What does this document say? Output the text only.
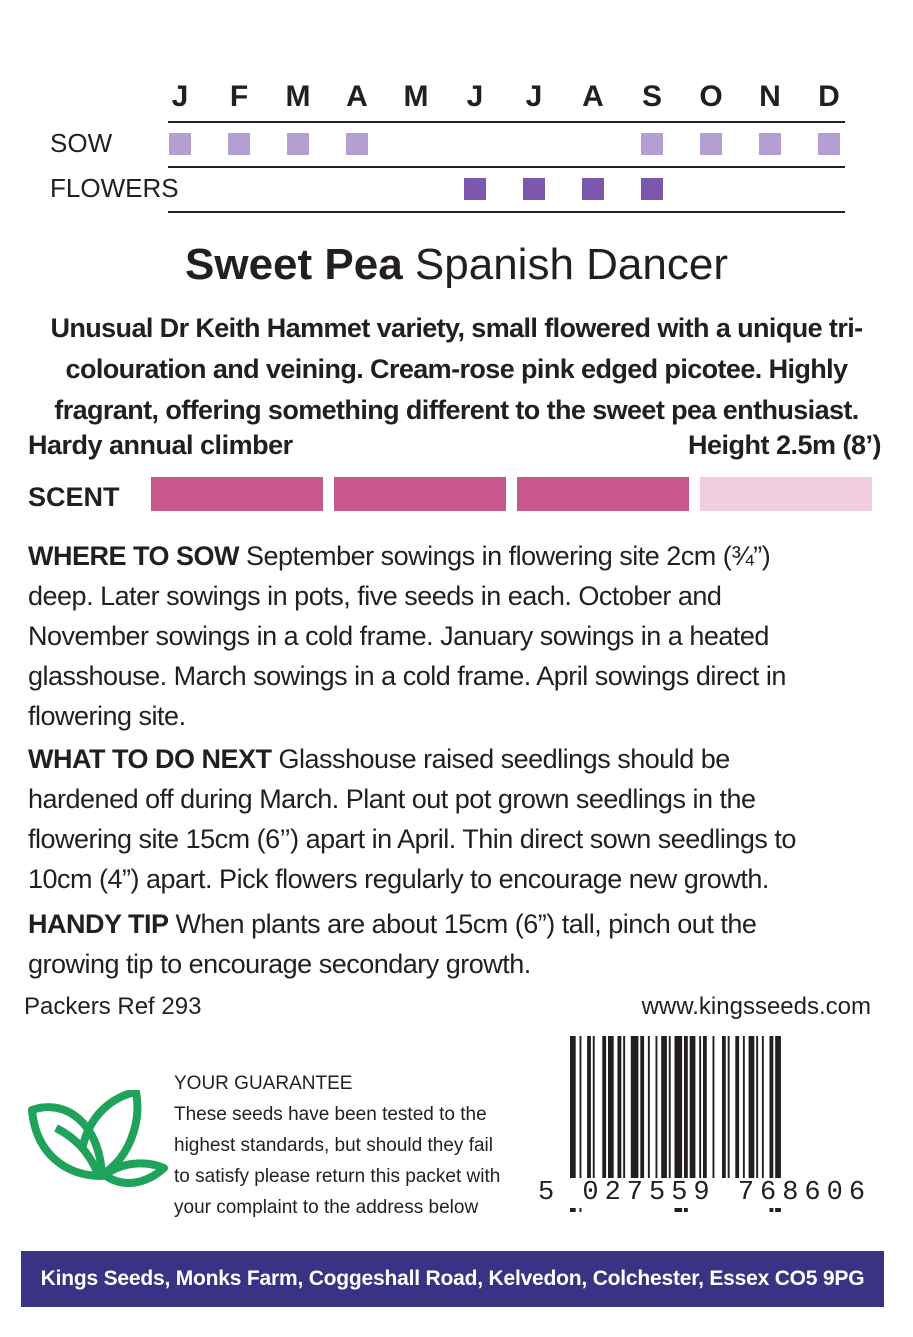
J	F	M	A	M	J	J	A	S	O	N	D
SOW
FLOWERS
Sweet Pea Spanish Dancer
Unusual Dr Keith Hammet variety, small flowered with a unique tri-
colouration and veining. Cream-rose pink edged picotee. Highly
fragrant, offering something different to the sweet pea enthusiast.
Hardy annual climber	Height 2.5m (8’)
SCENT
WHERE TO SOW September sowings in flowering site 2cm (¾”)
deep. Later sowings in pots, five seeds in each. October and
November sowings in a cold frame. January sowings in a heated
glasshouse. March sowings in a cold frame. April sowings direct in
flowering site.
WHAT TO DO NEXT Glasshouse raised seedlings should be
hardened off during March. Plant out pot grown seedlings in the
flowering site 15cm (6’’) apart in April. Thin direct sown seedlings to
10cm (4”) apart. Pick flowers regularly to encourage new growth.
HANDY TIP When plants are about 15cm (6”) tall, pinch out the
growing tip to encourage secondary growth.
Packers Ref 293	www.kingsseeds.com
YOUR GUARANTEE
These seeds have been tested to the
highest standards, but should they fail
to satisfy please return this packet with
your complaint to the address below	5 027559 768606
Kings Seeds, Monks Farm, Coggeshall Road, Kelvedon, Colchester, Essex CO5 9PG
